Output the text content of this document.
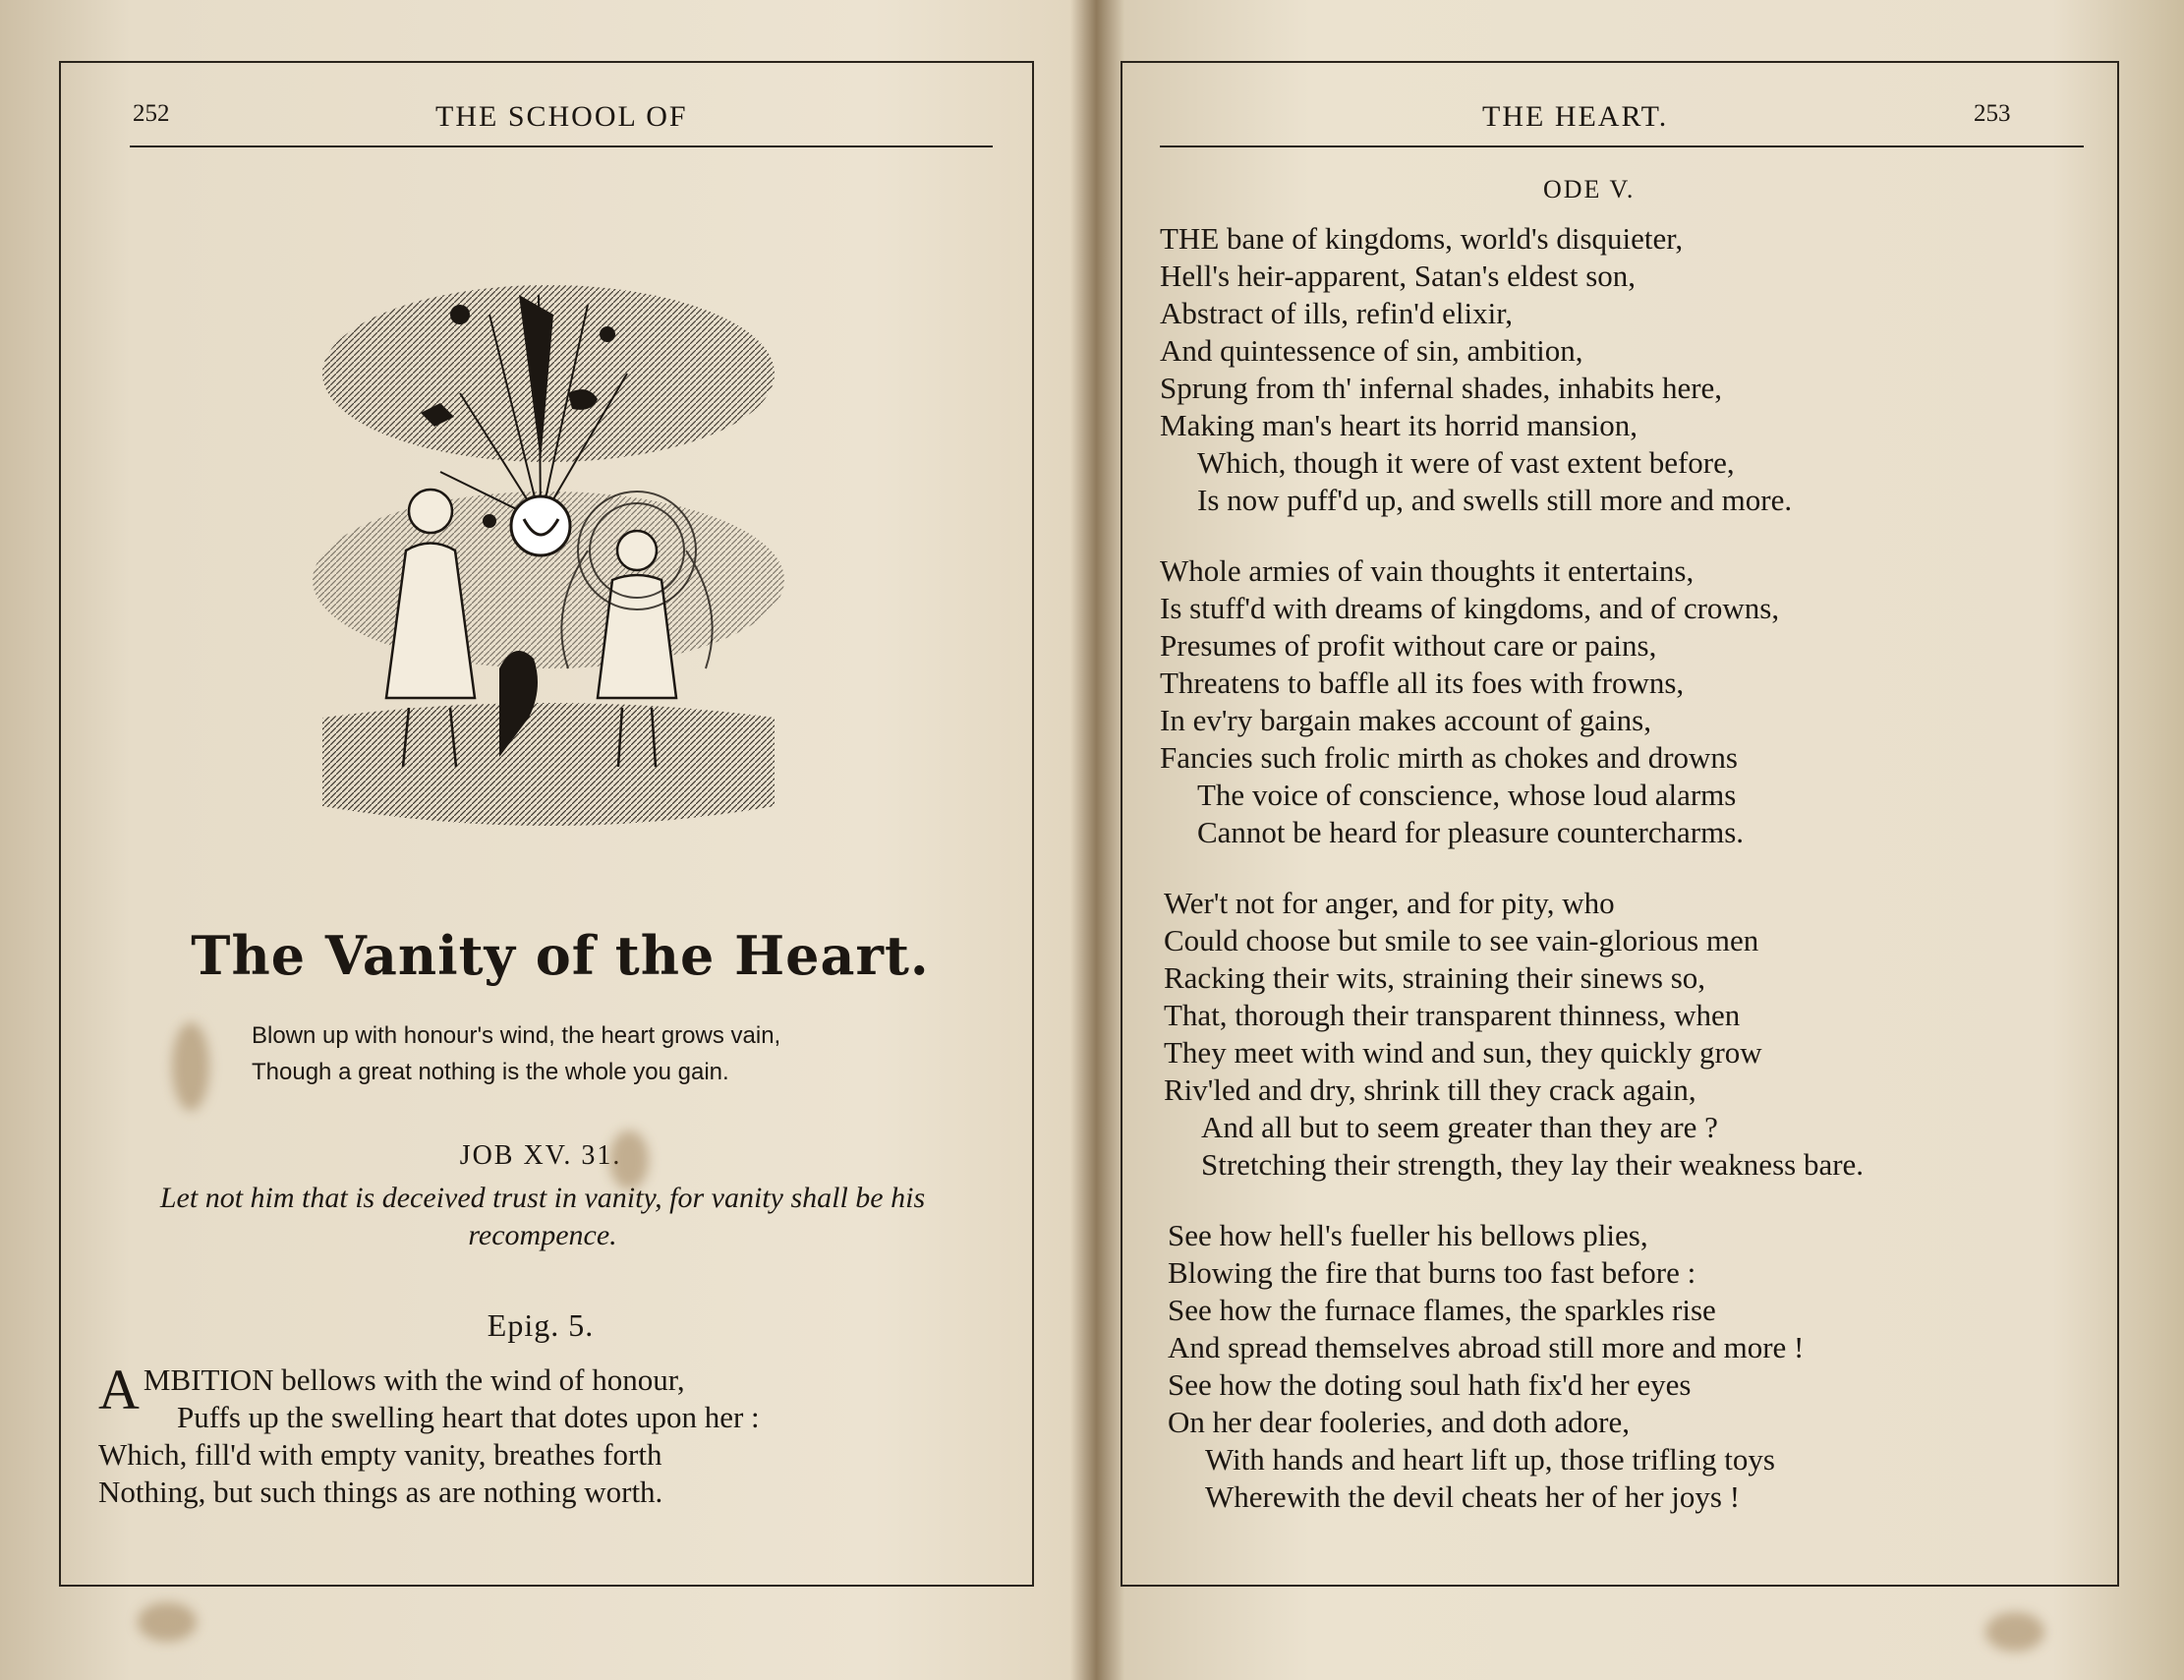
252	THE SCHOOL OF
The Vanity of the Heart.
Blown up with honour's wind, the heart grows vain,
Though a great nothing is the whole you gain.
JOB XV. 31.
Let not him that is deceived trust in vanity, for vanity shall be his recompence.
Epig. 5.
A MBITION bellows with the wind of honour,
Puffs up the swelling heart that dotes upon her :
Which, fill'd with empty vanity, breathes forth
Nothing, but such things as are nothing worth.
THE HEART.	253
ODE V.
THE bane of kingdoms, world's disquieter,
Hell's heir-apparent, Satan's eldest son,
Abstract of ills, refin'd elixir,
And quintessence of sin, ambition,
Sprung from th' infernal shades, inhabits here,
Making man's heart its horrid mansion,
Which, though it were of vast extent before,
Is now puff'd up, and swells still more and more.
Whole armies of vain thoughts it entertains,
Is stuff'd with dreams of kingdoms, and of crowns,
Presumes of profit without care or pains,
Threatens to baffle all its foes with frowns,
In ev'ry bargain makes account of gains,
Fancies such frolic mirth as chokes and drowns
The voice of conscience, whose loud alarms
Cannot be heard for pleasure countercharms.
Wer't not for anger, and for pity, who
Could choose but smile to see vain-glorious men
Racking their wits, straining their sinews so,
That, thorough their transparent thinness, when
They meet with wind and sun, they quickly grow
Riv'led and dry, shrink till they crack again,
And all but to seem greater than they are ?
Stretching their strength, they lay their weakness bare.
See how hell's fueller his bellows plies,
Blowing the fire that burns too fast before :
See how the furnace flames, the sparkles rise
And spread themselves abroad still more and more !
See how the doting soul hath fix'd her eyes
On her dear fooleries, and doth adore,
With hands and heart lift up, those trifling toys
Wherewith the devil cheats her of her joys !
